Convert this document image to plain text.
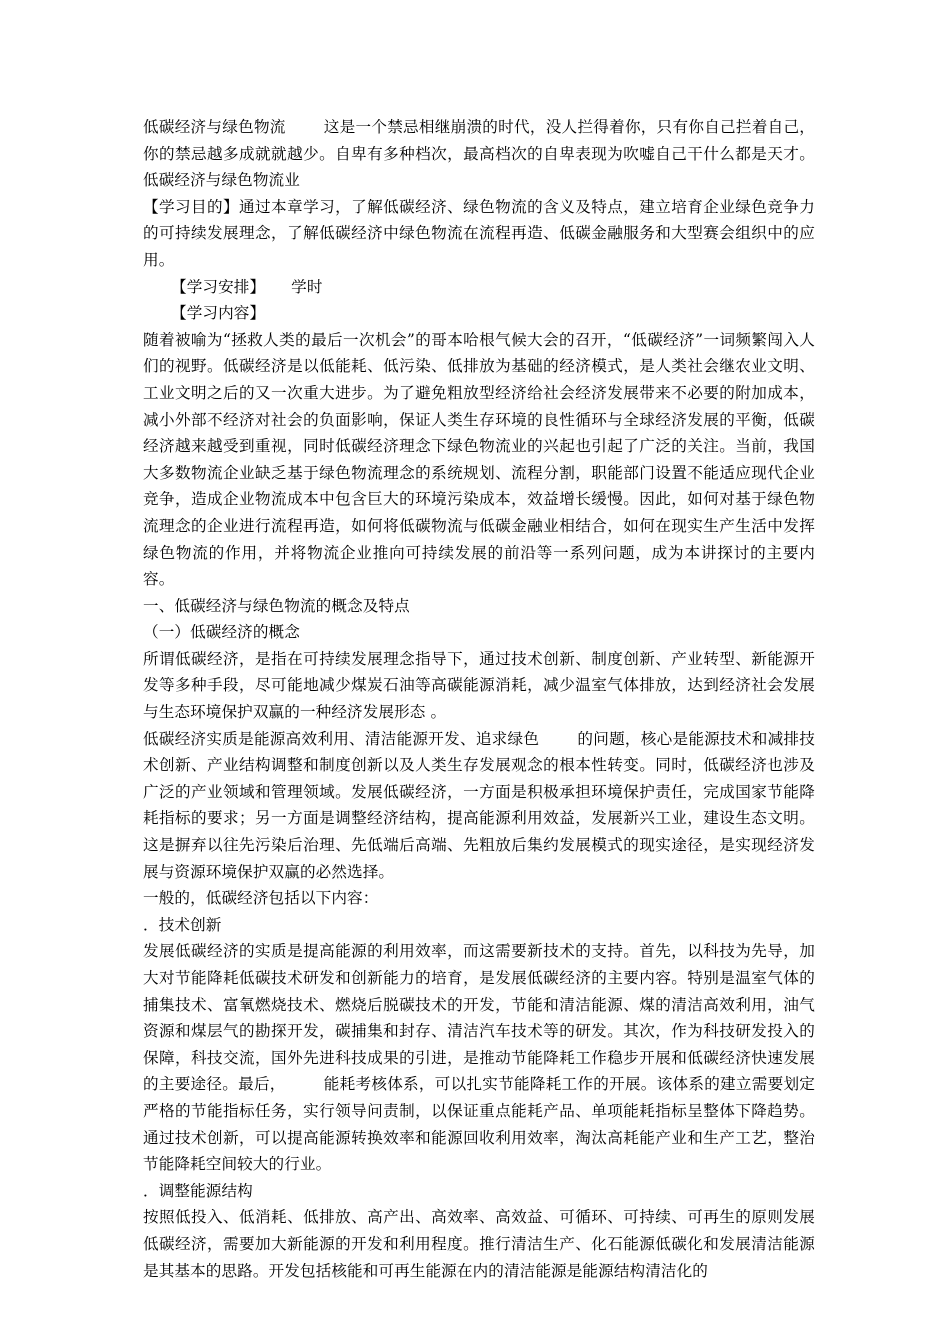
低碳经济与绿色物流 这是一个禁忌相继崩溃的时代，没人拦得着你，只有你自己拦着自己，你的禁忌越多成就就越少。自卑有多种档次，最高档次的自卑表现为吹嘘自己干什么都是天才。低碳经济与绿色物流业

【学习目的】通过本章学习，了解低碳经济、绿色物流的含义及特点，建立培育企业绿色竞争力的可持续发展理念，了解低碳经济中绿色物流在流程再造、低碳金融服务和大型赛会组织中的应用。

【学习安排】 学时

【学习内容】

随着被喻为“拯救人类的最后一次机会”的哥本哈根气候大会的召开，“低碳经济”一词频繁闯入人们的视野。低碳经济是以低能耗、低污染、低排放为基础的经济模式，是人类社会继农业文明、工业文明之后的又一次重大进步。为了避免粗放型经济给社会经济发展带来不必要的附加成本，减小外部不经济对社会的负面影响，保证人类生存环境的良性循环与全球经济发展的平衡，低碳经济越来越受到重视，同时低碳经济理念下绿色物流业的兴起也引起了广泛的关注。当前，我国大多数物流企业缺乏基于绿色物流理念的系统规划、流程分割，职能部门设置不能适应现代企业竞争，造成企业物流成本中包含巨大的环境污染成本，效益增长缓慢。因此，如何对基于绿色物流理念的企业进行流程再造，如何将低碳物流与低碳金融业相结合，如何在现实生产生活中发挥绿色物流的作用，并将物流企业推向可持续发展的前沿等一系列问题，成为本讲探讨的主要内容。

一、低碳经济与绿色物流的概念及特点

（一）低碳经济的概念

所谓低碳经济，是指在可持续发展理念指导下，通过技术创新、制度创新、产业转型、新能源开发等多种手段，尽可能地减少煤炭石油等高碳能源消耗，减少温室气体排放，达到经济社会发展与生态环境保护双赢的一种经济发展形态 。

低碳经济实质是能源高效利用、清洁能源开发、追求绿色 的问题，核心是能源技术和减排技术创新、产业结构调整和制度创新以及人类生存发展观念的根本性转变。同时，低碳经济也涉及广泛的产业领域和管理领域。发展低碳经济，一方面是积极承担环境保护责任，完成国家节能降耗指标的要求；另一方面是调整经济结构，提高能源利用效益，发展新兴工业，建设生态文明。这是摒弃以往先污染后治理、先低端后高端、先粗放后集约发展模式的现实途径，是实现经济发展与资源环境保护双赢的必然选择。

一般的，低碳经济包括以下内容：

．技术创新

发展低碳经济的实质是提高能源的利用效率，而这需要新技术的支持。首先，以科技为先导，加大对节能降耗低碳技术研发和创新能力的培育，是发展低碳经济的主要内容。特别是温室气体的捕集技术、富氧燃烧技术、燃烧后脱碳技术的开发，节能和清洁能源、煤的清洁高效利用，油气资源和煤层气的勘探开发，碳捕集和封存、清洁汽车技术等的研发。其次，作为科技研发投入的保障，科技交流，国外先进科技成果的引进，是推动节能降耗工作稳步开展和低碳经济快速发展的主要途径。最后， 能耗考核体系，可以扎实节能降耗工作的开展。该体系的建立需要划定严格的节能指标任务，实行领导问责制，以保证重点能耗产品、单项能耗指标呈整体下降趋势。通过技术创新，可以提高能源转换效率和能源回收利用效率，淘汰高耗能产业和生产工艺，整治节能降耗空间较大的行业。

．调整能源结构

按照低投入、低消耗、低排放、高产出、高效率、高效益、可循环、可持续、可再生的原则发展低碳经济，需要加大新能源的开发和利用程度。推行清洁生产、化石能源低碳化和发展清洁能源是其基本的思路。开发包括核能和可再生能源在内的清洁能源是能源结构清洁化的
